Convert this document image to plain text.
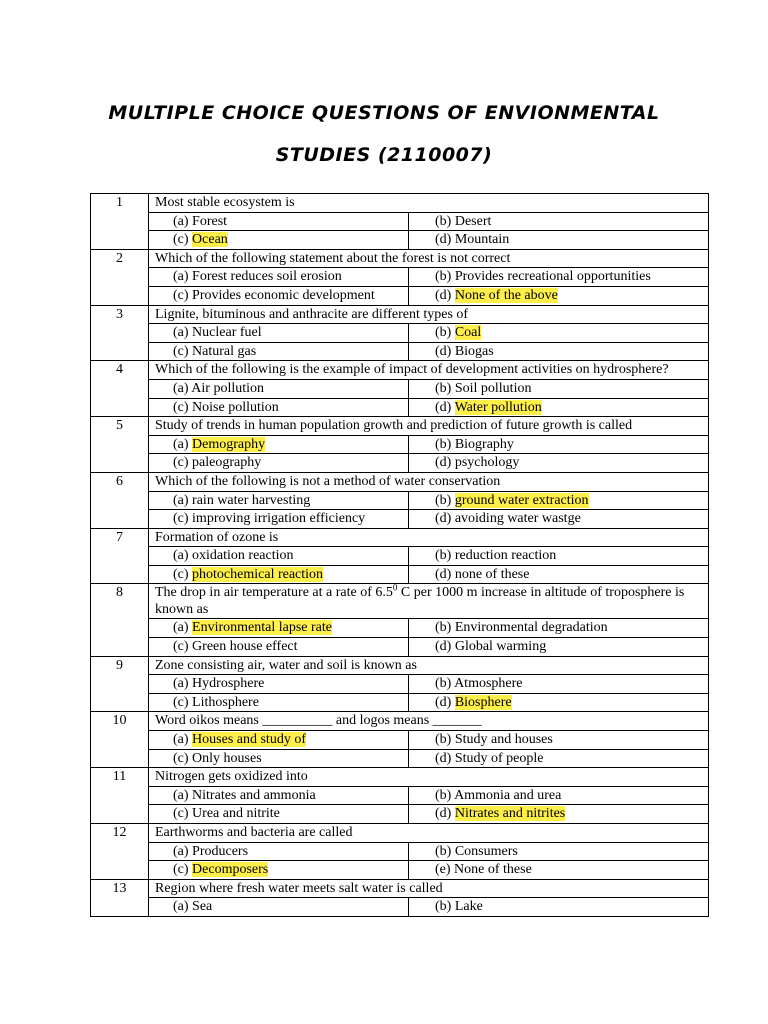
MULTIPLE CHOICE QUESTIONS OF ENVIONMENTAL
STUDIES (2110007)
1	Most stable ecosystem is	
	(a) Forest	(b) Desert
	(c) Ocean	(d) Mountain
2	Which of the following statement about the forest is not correct	
	(a) Forest reduces soil erosion	(b) Provides recreational opportunities
	(c) Provides economic development	(d) None of the above
3	Lignite, bituminous and anthracite are different types of	
	(a) Nuclear fuel	(b) Coal
	(c) Natural gas	(d) Biogas
4	Which of the following is the example of impact of development activities on hydrosphere?	
	(a) Air pollution	(b) Soil pollution
	(c) Noise pollution	(d) Water pollution
5	Study of trends in human population growth and prediction of future growth is called	
	(a) Demography	(b) Biography
	(c) paleography	(d) psychology
6	Which of the following is not a method of water conservation	
	(a) rain water harvesting	(b) ground water extraction
	(c) improving irrigation efficiency	(d) avoiding water wastge
7	Formation of ozone is	
	(a) oxidation reaction	(b) reduction reaction
	(c) photochemical reaction	(d) none of these
8	The drop in air temperature at a rate of $6.5^0$ C per 1000 m increase in altitude of troposphere is known as	
	(a) Environmental lapse rate	(b) Environmental degradation
	(c) Green house effect	(d) Global warming
9	Zone consisting air, water and soil is known as	
	(a) Hydrosphere	(b) Atmosphere
	(c) Lithosphere	(d) Biosphere
10	Word oikos means __________ and logos means _______	
	(a) Houses and study of	(b) Study and houses
	(c) Only houses	(d) Study of people
11	Nitrogen gets oxidized into	
	(a) Nitrates and ammonia	(b) Ammonia and urea
	(c) Urea and nitrite	(d) Nitrates and nitrites
12	Earthworms and bacteria are called	
	(a) Producers	(b) Consumers
	(c) Decomposers	(e) None of these
13	Region where fresh water meets salt water is called	
	(a) Sea	(b) Lake
